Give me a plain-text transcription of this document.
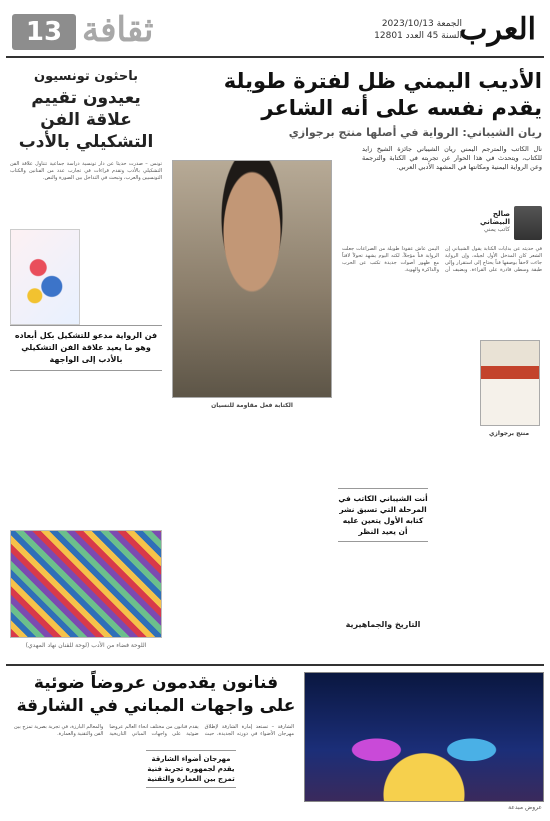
العرب
الجمعة 2023/10/13
السنة 45 العدد 12801
ثقافة
13
باحثون تونسيون
يعيدون تقييم علاقة الفن التشكيلي بالأدب
تونس – صدرت حديثاً عن دار تونسية دراسة جماعية تتناول علاقة الفن التشكيلي بالأدب وتقدم قراءات في تجارب عدد من الفنانين والكتاب التونسيين والعرب، وتبحث في التداخل بين الصورة والنص.
فن الرواية مدعو للتشكيل بكل أبعاده وهو ما يعيد علاقة الفن التشكيلي بالأدب إلى الواجهة
اللوحة فضاء من الأدب (لوحة للفنان نهاد المهدي)
الأديب اليمني ظل لفترة طويلة يقدم نفسه على أنه الشاعر
ريان الشيباني: الرواية في أصلها منتج برجوازي
نال الكاتب والمترجم اليمني ريان الشيباني جائزة الشيخ زايد للكتاب، ويتحدث في هذا الحوار عن تجربته في الكتابة والترجمة وعن الرواية اليمنية ومكانتها في المشهد الأدبي العربي.
الكتابة فعل مقاومة للنسيان
صالح البيضاني
كاتب يمني
في حديثه عن بدايات الكتابة يقول الشيباني إن الشعر كان المدخل الأول لجيله، وإن الرواية جاءت لاحقاً بوصفها فناً يحتاج إلى استقرار وإلى طبقة وسطى قادرة على القراءة. ويضيف أن اليمن عاش عقوداً طويلة من الصراعات جعلت الرواية فناً مؤجلاً، لكنه اليوم يشهد تحولاً لافتاً مع ظهور أصوات جديدة تكتب عن الحرب والذاكرة والهوية.
منتج برجوازي
أنت الشيباني الكاتب في المرحلة التي تسبق نشر كتابه الأول يتعين عليه أن يعيد النظر
التاريخ والجماهيرية
فنانون يقدمون عروضاً ضوئية على واجهات المباني في الشارقة
الشارقة – تستعد إمارة الشارقة لإطلاق مهرجان الأضواء في دورته الجديدة، حيث يقدم فنانون من مختلف أنحاء العالم عروضاً ضوئية على واجهات المباني التاريخية والمعالم البارزة، في تجربة بصرية تمزج بين الفن والتقنية والعمارة.
مهرجان أضواء الشارقة يقدم لجمهوره تجربة فنية تمزج بين العمارة والتقنية
عروض مبدعة
